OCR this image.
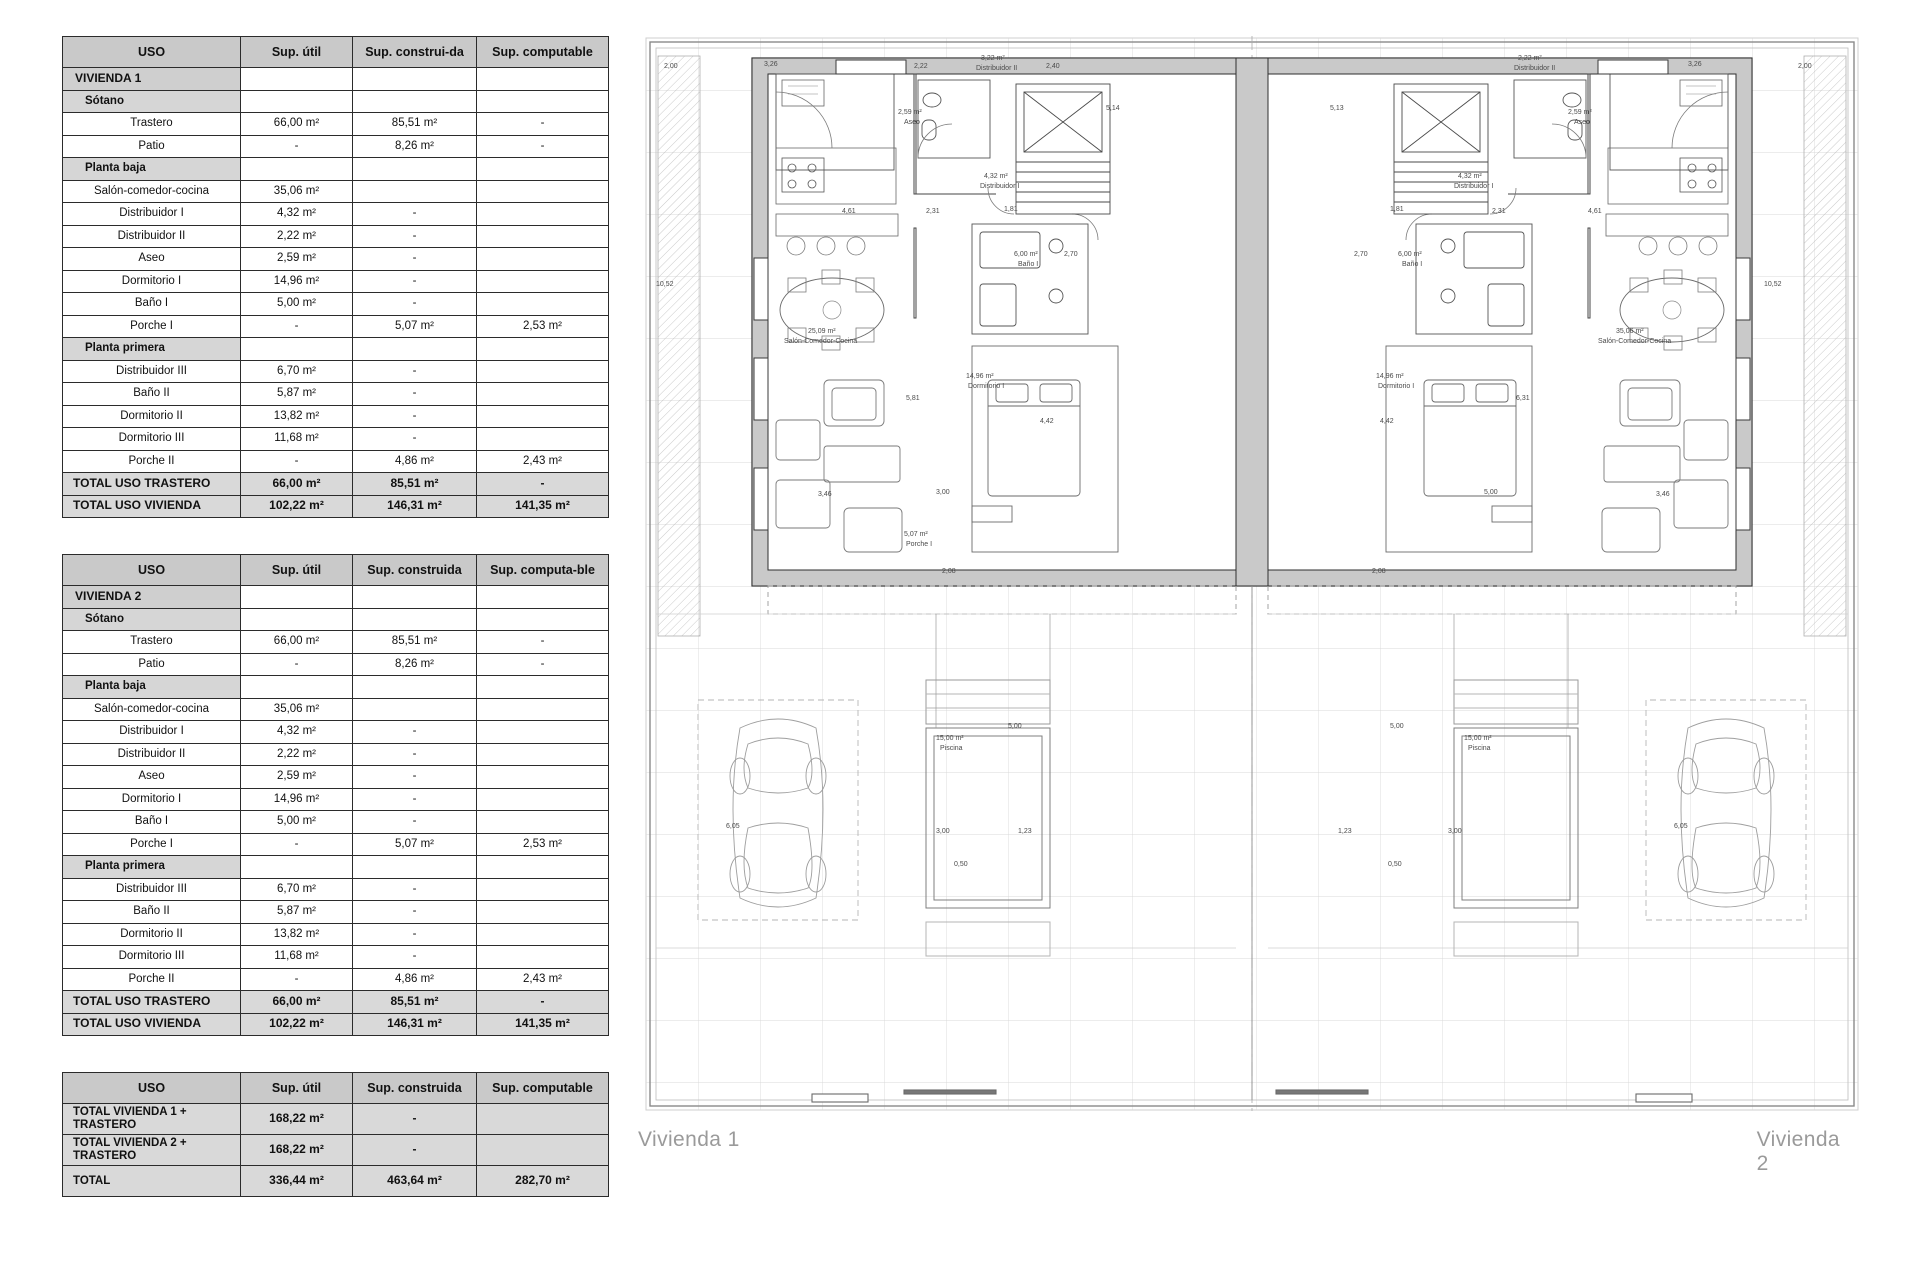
USO	Sup. útil	Sup. construi-da	Sup. computable
VIVIENDA 1			
Sótano			
Trastero	66,00 m²	85,51 m²	-
Patio	-	8,26 m²	-
Planta baja			
Salón-comedor-cocina	35,06 m²		
Distribuidor I	4,32 m²	-	
Distribuidor II	2,22 m²	-	
Aseo	2,59 m²	-	
Dormitorio I	14,96 m²	-	
Baño I	5,00 m²	-	
Porche I	-	5,07 m²	2,53 m²
Planta primera			
Distribuidor III	6,70 m²	-	
Baño II	5,87 m²	-	
Dormitorio II	13,82 m²	-	
Dormitorio III	11,68 m²	-	
Porche II	-	4,86 m²	2,43 m²
TOTAL USO TRASTERO	66,00 m²	85,51 m²	-
TOTAL USO VIVIENDA	102,22 m²	146,31 m²	141,35 m²
USO	Sup. útil	Sup. construida	Sup. computa-ble
VIVIENDA 2			
Sótano			
Trastero	66,00 m²	85,51 m²	-
Patio	-	8,26 m²	-
Planta baja			
Salón-comedor-cocina	35,06 m²		
Distribuidor I	4,32 m²	-	
Distribuidor II	2,22 m²	-	
Aseo	2,59 m²	-	
Dormitorio I	14,96 m²	-	
Baño I	5,00 m²	-	
Porche I	-	5,07 m²	2,53 m²
Planta primera			
Distribuidor III	6,70 m²	-	
Baño II	5,87 m²	-	
Dormitorio II	13,82 m²	-	
Dormitorio III	11,68 m²	-	
Porche II	-	4,86 m²	2,43 m²
TOTAL USO TRASTERO	66,00 m²	85,51 m²	-
TOTAL USO VIVIENDA	102,22 m²	146,31 m²	141,35 m²
USO	Sup. útil	Sup. construida	Sup. computable
TOTAL VIVIENDA 1 + TRASTERO	168,22 m²	-	
TOTAL VIVIENDA 2 + TRASTERO	168,22 m²	-	
TOTAL	336,44 m²	463,64 m²	282,70 m²
2,00	3,26	2,22
3,22 m²
Distribuidor II	2,40
2,59 m²
Aseo
5,14
4,32 m²
Distribuidor I
4,61	2,31	1,81
10,52
6,00 m²
Baño I
2,70
25,09 m²
Salón-Comedor-Cocina
14,96 m²
Dormitorio I
5,81
4,42
3,46	3,00
5,07 m²
Porche I
2,08
15,00 m²
Piscina
5,00
3,00	1,23
0,50
6,05
2,22 m²
Distribuidor II
3,26	2,00
2,59 m²
Aseo
5,13
4,32 m²
Distribuidor I
1,81	2,31	4,61
6,00 m²
Baño I
2,70
35,06 m²
Salón-Comedor-Cocina
10,52
14,96 m²
Dormitorio I
6,31
4,42
5,00	3,46
2,08
15,00 m²
Piscina
5,00
1,23	3,00
0,50
6,05
Vivienda 1	Vivienda 2
